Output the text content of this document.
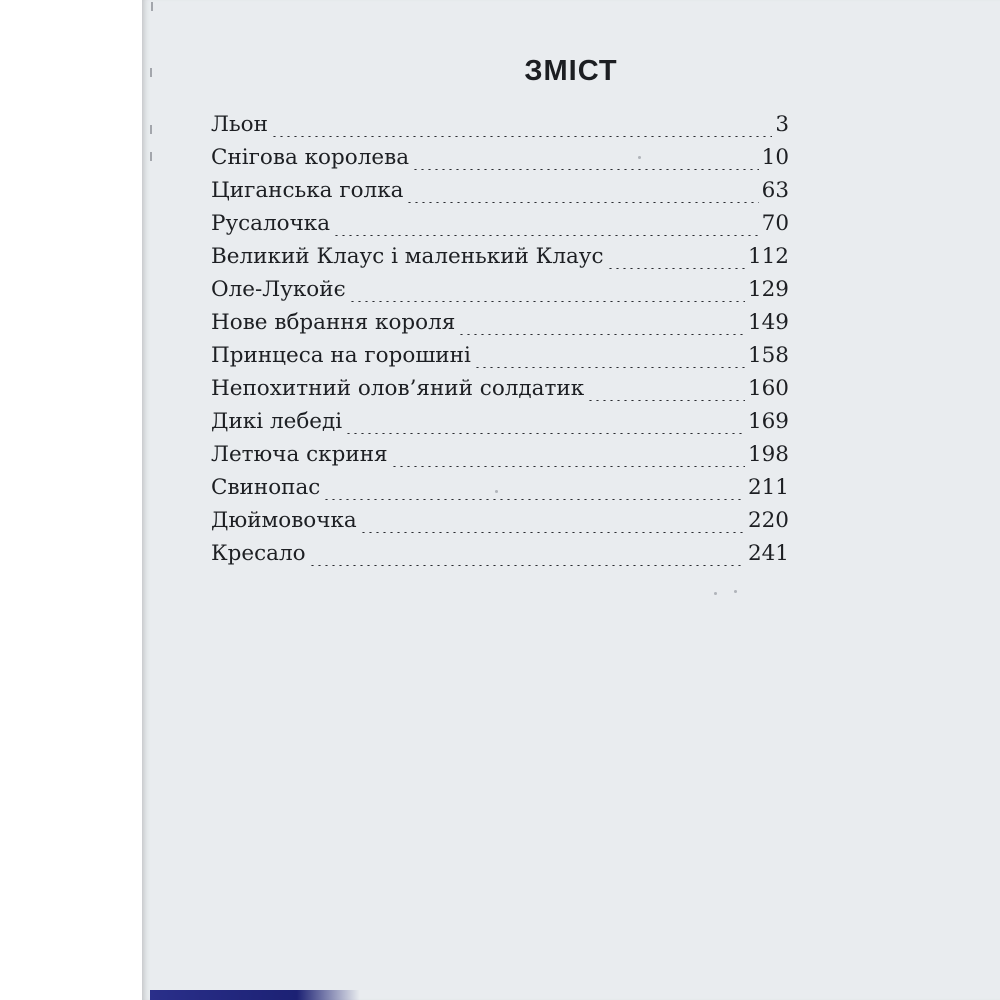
ЗМІСТ
Льон	3
Снігова королева	10
Циганська голка	63
Русалочка	70
Великий Клаус і маленький Клаус	112
Оле-Лукойє	129
Нове вбрання короля	149
Принцеса на горошині	158
Непохитний олов’яний солдатик	160
Дикі лебеді	169
Летюча скриня	198
Свинопас	211
Дюймовочка	220
Кресало	241
